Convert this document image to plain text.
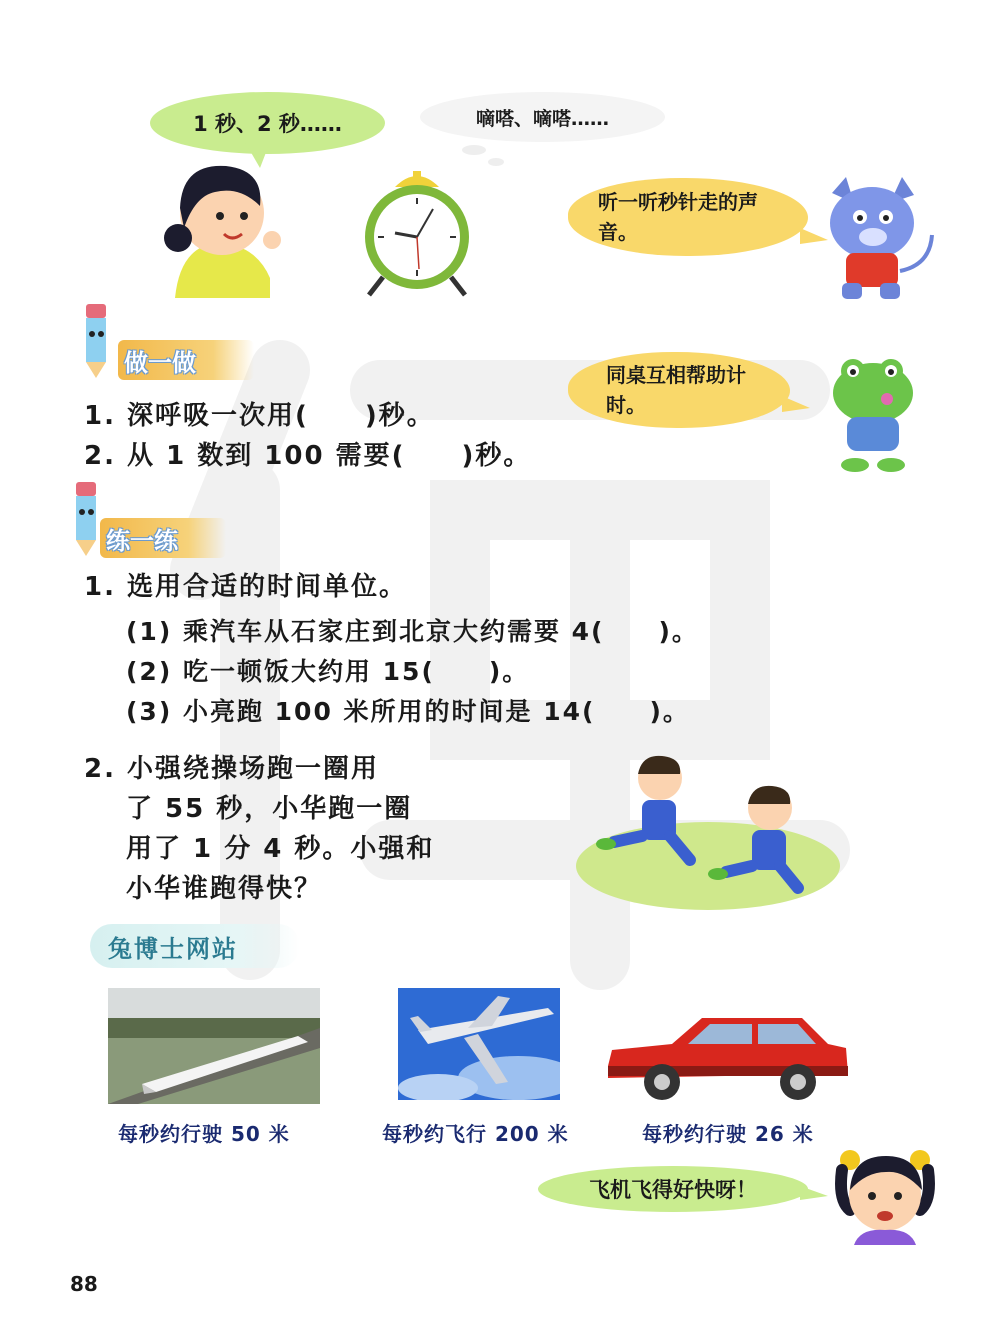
1 秒、2 秒……	嘀嗒、嘀嗒……
听一听秒针走的声音。
做一做	同桌互相帮助计时。
1. 深呼吸一次用(　　)秒。
2. 从 1 数到 100 需要(　　)秒。
练一练
1. 选用合适的时间单位。
(1) 乘汽车从石家庄到北京大约需要 4(　　)。
(2) 吃一顿饭大约用 15(　　)。
(3) 小亮跑 100 米所用的时间是 14(　　)。
2. 小强绕操场跑一圈用
了 55 秒，小华跑一圈
用了 1 分 4 秒。小强和
小华谁跑得快？
兔博士网站
每秒约行驶 50 米	每秒约飞行 200 米	每秒约行驶 26 米
飞机飞得好快呀！
88
